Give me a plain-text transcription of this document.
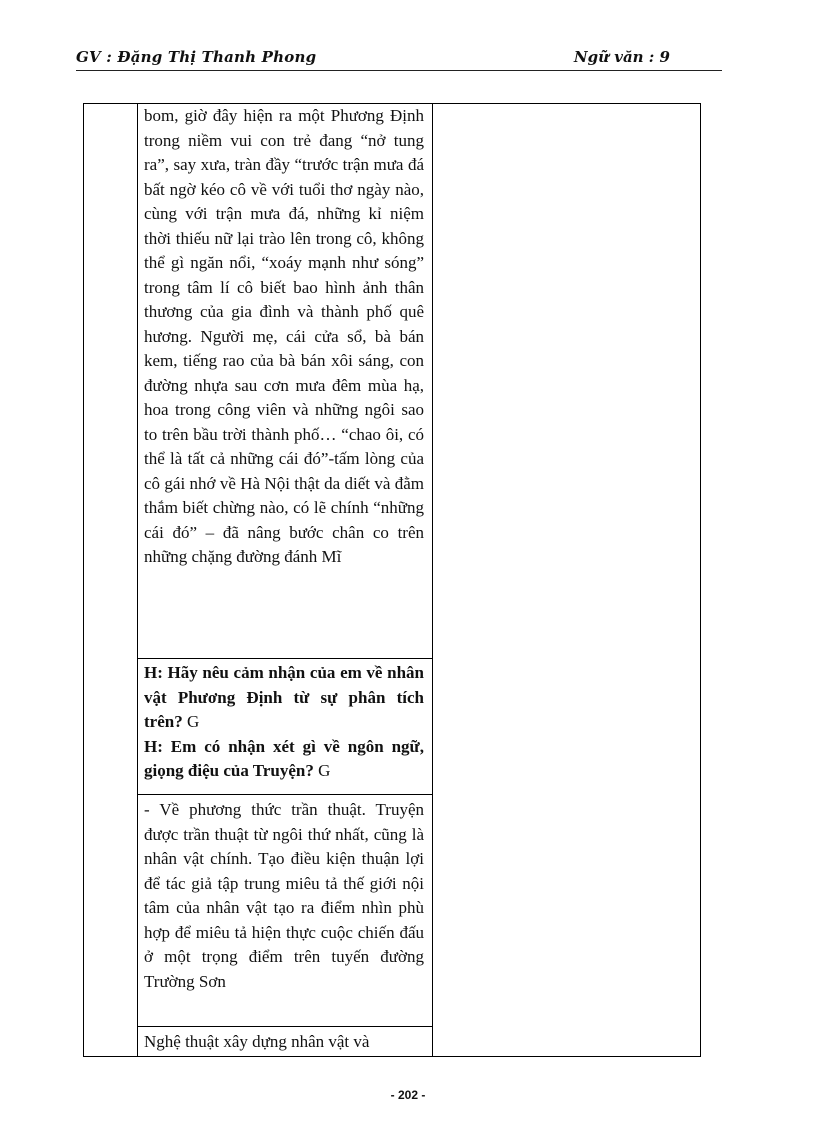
GV : Đặng Thị Thanh Phong	Ngữ văn : 9

bom, giờ đây hiện ra một Phương Định trong niềm vui con trẻ đang “nở tung ra”, say xưa, tràn đầy “trước trận mưa đá bất ngờ kéo cô về với tuổi thơ ngày nào, cùng với trận mưa đá, những kỉ niệm thời thiếu nữ lại trào lên trong cô, không thể gì ngăn nổi, “xoáy mạnh như sóng” trong tâm lí cô biết bao hình ảnh thân thương của gia đình và thành phố quê hương. Người mẹ, cái cửa sổ, bà bán kem, tiếng rao của bà bán xôi sáng, con đường nhựa sau cơn mưa đêm mùa hạ, hoa trong công viên và những ngôi sao to trên bầu trời thành phố… “chao ôi, có thể là tất cả những cái đó”-tấm lòng của cô gái nhớ về Hà Nội thật da diết và đằm thắm biết chừng nào, có lẽ chính “những cái đó” – đã nâng bước chân co trên những chặng đường đánh Mĩ

H: Hãy nêu cảm nhận của em về nhân vật Phương Định từ sự phân tích trên? G

H: Em có nhận xét gì về ngôn ngữ, giọng điệu của Truyện? G

- Về phương thức trần thuật. Truyện được trần thuật từ ngôi thứ nhất, cũng là nhân vật chính. Tạo điều kiện thuận lợi để tác giả tập trung miêu tả thế giới nội tâm của nhân vật tạo ra điểm nhìn phù hợp để miêu tả hiện thực cuộc chiến đấu ở một trọng điểm trên tuyến đường Trường Sơn

Nghệ thuật xây dựng nhân vật và

- 202 -
